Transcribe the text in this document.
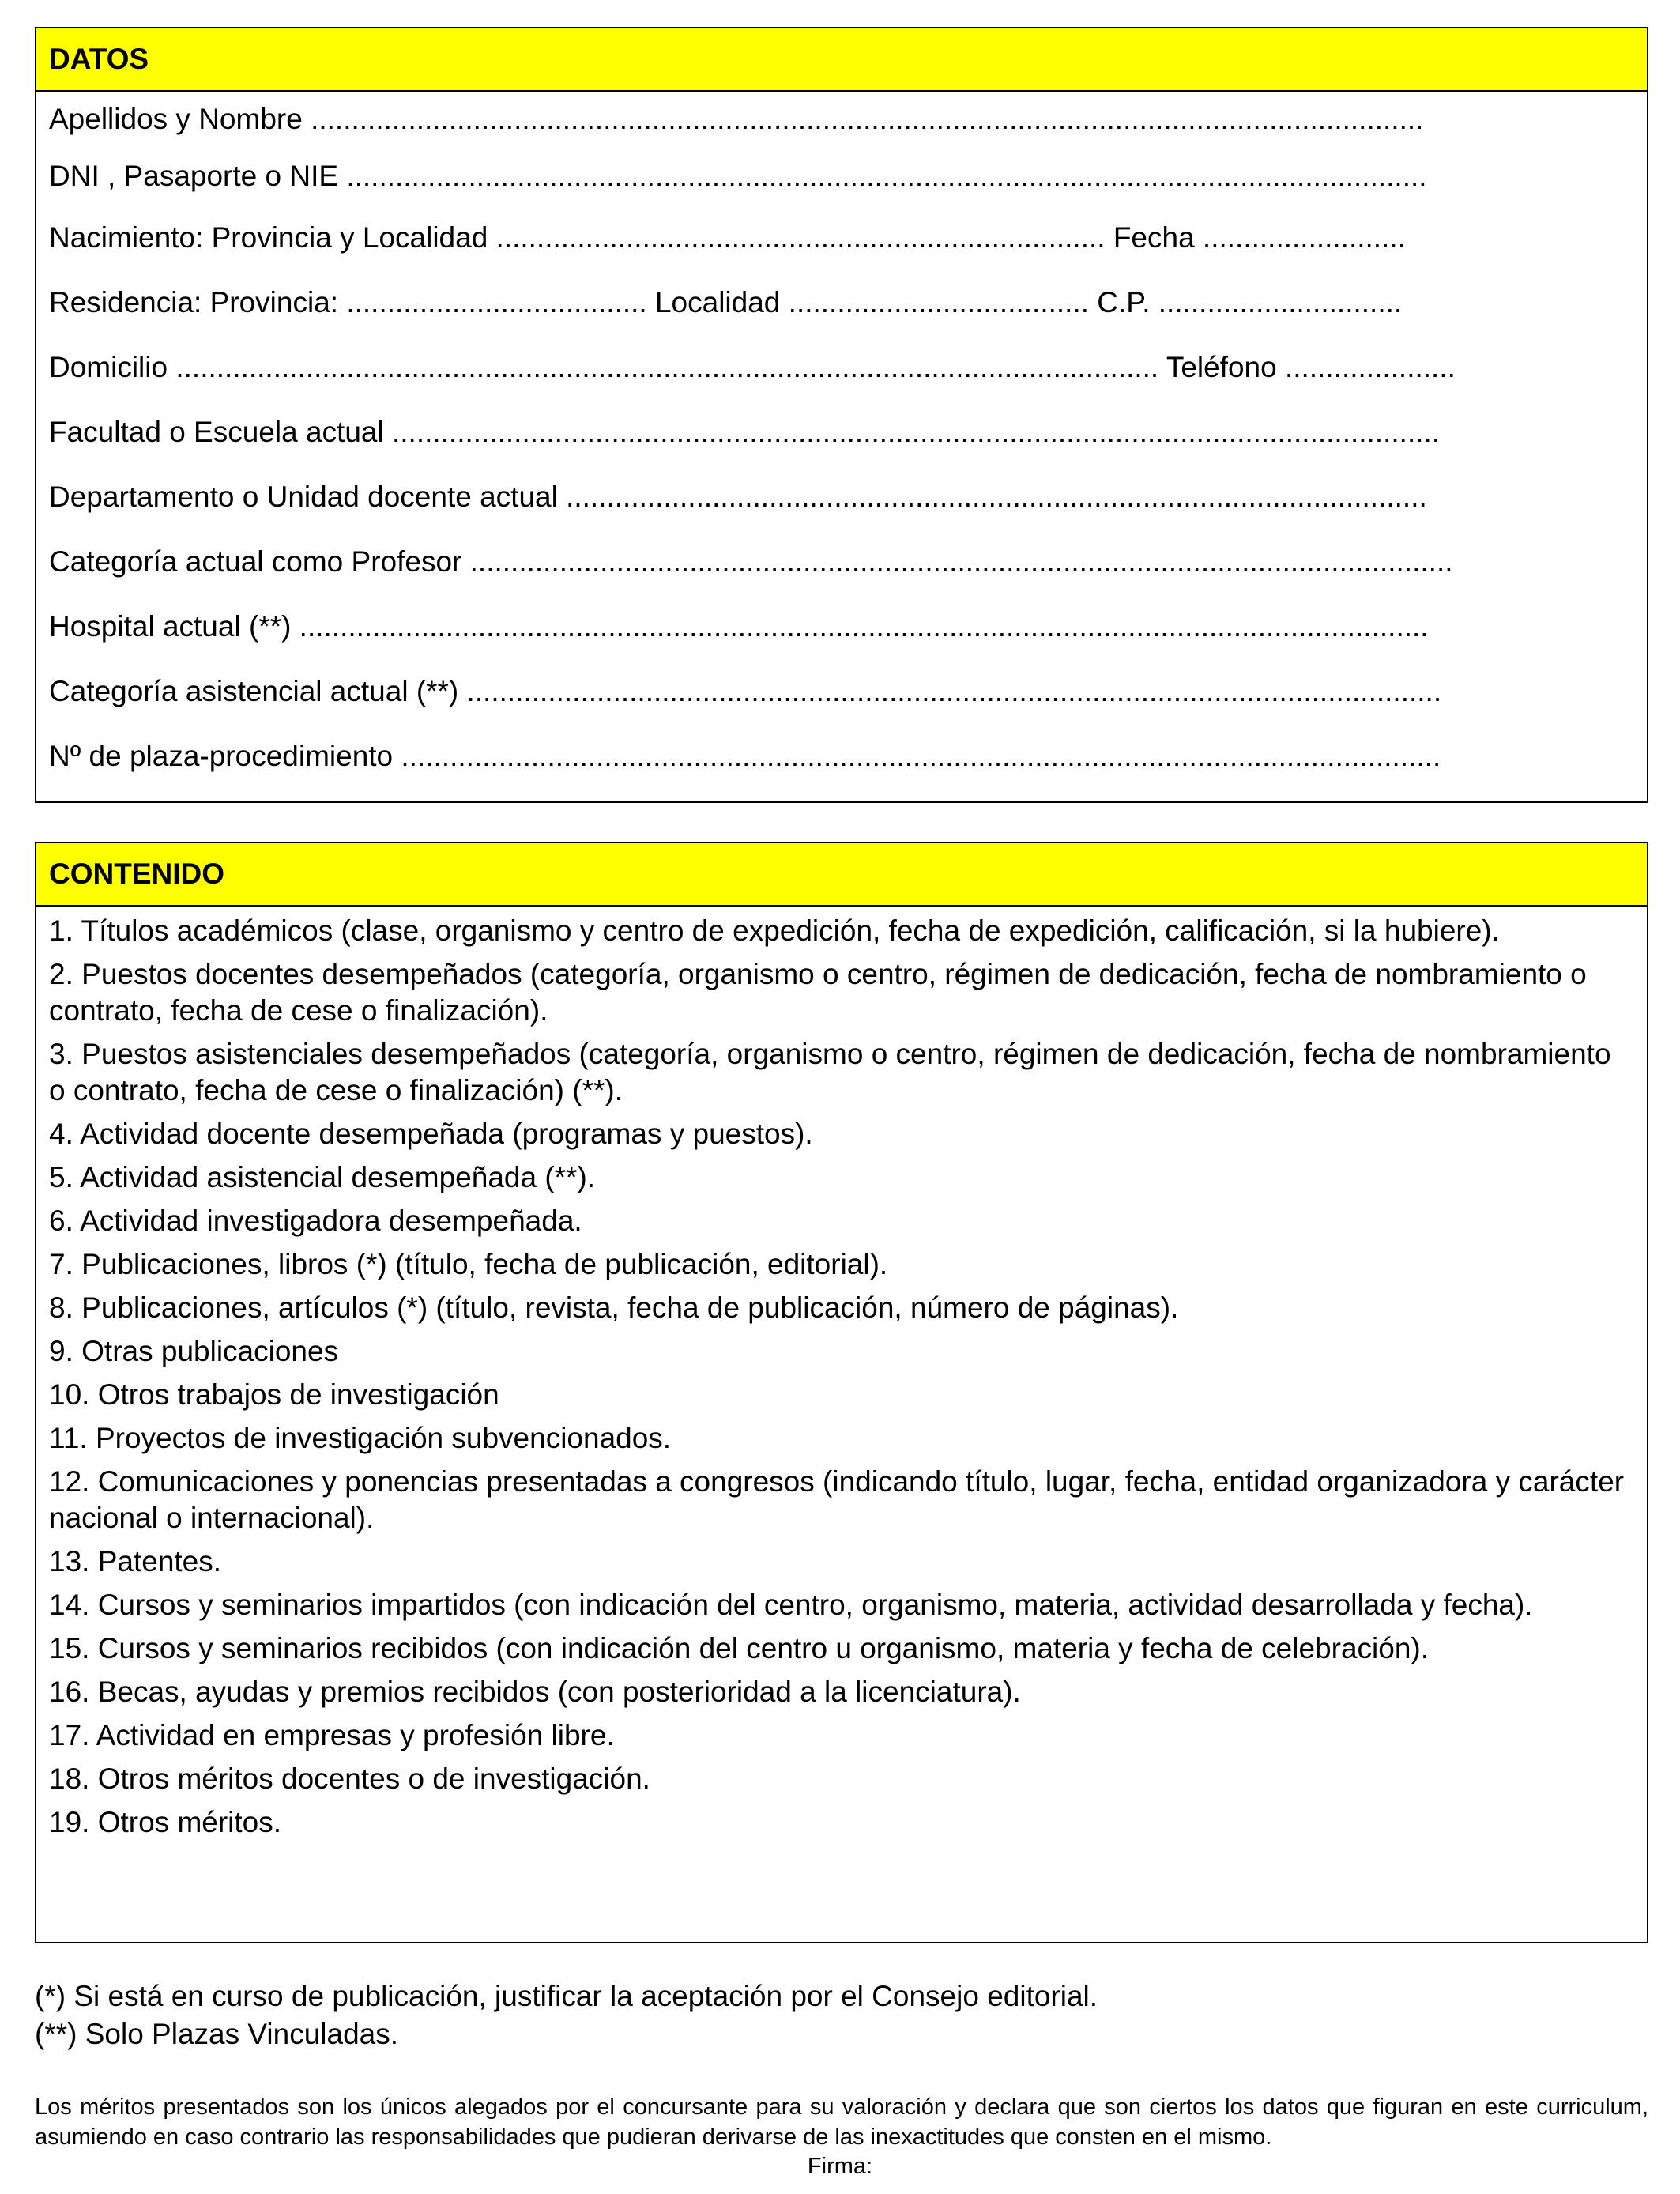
DATOS
Apellidos y Nombre .........................................................................................................................................
DNI , Pasaporte o NIE .....................................................................................................................................
Nacimiento: Provincia y Localidad ........................................................................... Fecha .........................
Residencia: Provincia: ..................................... Localidad ..................................... C.P. ..............................
Domicilio ......................................................................................................................... Teléfono .....................
Facultad o Escuela actual .................................................................................................................................
Departamento o Unidad docente actual ..........................................................................................................
Categoría actual como Profesor .........................................................................................................................
Hospital actual (**) ...........................................................................................................................................
Categoría asistencial actual (**) ........................................................................................................................
Nº de plaza-procedimiento ................................................................................................................................
CONTENIDO

1. Títulos académicos (clase, organismo y centro de expedición, fecha de expedición, calificación, si la hubiere).

2. Puestos docentes desempeñados (categoría, organismo o centro, régimen de dedicación, fecha de nombramiento o contrato, fecha de cese o finalización).

3. Puestos asistenciales desempeñados (categoría, organismo o centro, régimen de dedicación, fecha de nombramiento o contrato, fecha de cese o finalización) (**).

4. Actividad docente desempeñada (programas y puestos).

5. Actividad asistencial desempeñada (**).

6. Actividad investigadora desempeñada.

7. Publicaciones, libros (*) (título, fecha de publicación, editorial).

8. Publicaciones, artículos (*) (título, revista, fecha de publicación, número de páginas).

9. Otras publicaciones

10. Otros trabajos de investigación

11. Proyectos de investigación subvencionados.

12. Comunicaciones y ponencias presentadas a congresos (indicando título, lugar, fecha, entidad organizadora y carácter nacional o internacional).

13. Patentes.

14. Cursos y seminarios impartidos (con indicación del centro, organismo, materia, actividad desarrollada y fecha).

15. Cursos y seminarios recibidos (con indicación del centro u organismo, materia y fecha de celebración).

16. Becas, ayudas y premios recibidos (con posterioridad a la licenciatura).

17. Actividad en empresas y profesión libre.

18. Otros méritos docentes o de investigación.

19. Otros méritos.

(*) Si está en curso de publicación, justificar la aceptación por el Consejo editorial.
(**) Solo Plazas Vinculadas.
Los méritos presentados son los únicos alegados por el concursante para su valoración y declara que son ciertos los datos que figuran en este curriculum, asumiendo en caso contrario las responsabilidades que pudieran derivarse de las inexactitudes que consten en el mismo.
Firma:
